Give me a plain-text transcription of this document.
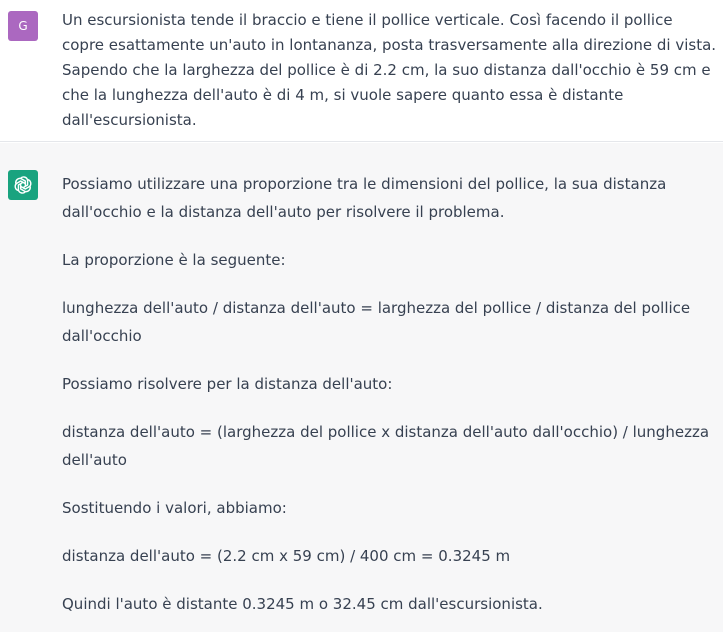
G	Un escursionista tende il braccio e tiene il pollice verticale. Così facendo il pollice copre esattamente un'auto in lontananza, posta trasversamente alla direzione di vista. Sapendo che la larghezza del pollice è di 2.2 cm, la suo distanza dall'occhio è 59 cm e che la lunghezza dell'auto è di 4 m, si vuole sapere quanto essa è distante dall'escursionista.

Possiamo utilizzare una proporzione tra le dimensioni del pollice, la sua distanza dall'occhio e la distanza dell'auto per risolvere il problema.

La proporzione è la seguente:

lunghezza dell'auto / distanza dell'auto = larghezza del pollice / distanza del pollice dall'occhio

Possiamo risolvere per la distanza dell'auto:

distanza dell'auto = (larghezza del pollice x distanza dell'auto dall'occhio) / lunghezza dell'auto

Sostituendo i valori, abbiamo:

distanza dell'auto = (2.2 cm x 59 cm) / 400 cm = 0.3245 m

Quindi l'auto è distante 0.3245 m o 32.45 cm dall'escursionista.
